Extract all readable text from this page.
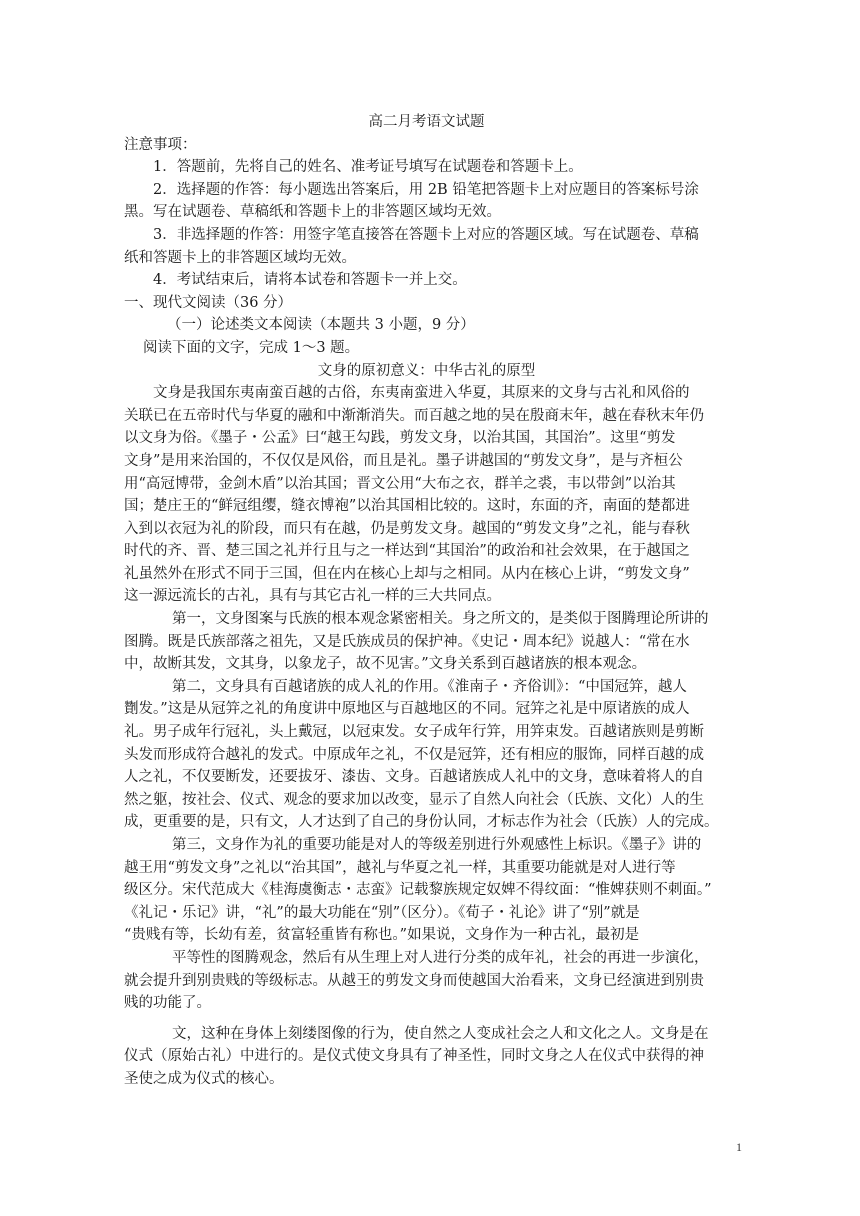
高二月考语文试题
注意事项：
1．答题前，先将自己的姓名、准考证号填写在试题卷和答题卡上。
2．选择题的作答：每小题选出答案后，用 2B 铅笔把答题卡上对应题目的答案标号涂
黑。写在试题卷、草稿纸和答题卡上的非答题区域均无效。
3．非选择题的作答：用签字笔直接答在答题卡上对应的答题区域。写在试题卷、草稿
纸和答题卡上的非答题区域均无效。
4．考试结束后，请将本试卷和答题卡一并上交。
一、现代文阅读（36 分）
（一）论述类文本阅读（本题共 3 小题，9 分）
阅读下面的文字，完成 1～3 题。
文身的原初意义：中华古礼的原型
文身是我国东夷南蛮百越的古俗，东夷南蛮进入华夏，其原来的文身与古礼和风俗的
关联已在五帝时代与华夏的融和中渐渐消失。而百越之地的吴在殷商末年，越在春秋末年仍
以文身为俗。《墨子・公孟》曰“越王勾践，剪发文身，以治其国，其国治”。这里“剪发
文身”是用来治国的，不仅仅是风俗，而且是礼。墨子讲越国的“剪发文身”，是与齐桓公
用“高冠博带，金剑木盾”以治其国；晋文公用“大布之衣，群羊之裘，韦以带剑”以治其
国；楚庄王的“鲜冠组缨，缝衣博袍”以治其国相比较的。这时，东面的齐，南面的楚都进
入到以衣冠为礼的阶段，而只有在越，仍是剪发文身。越国的“剪发文身”之礼，能与春秋
时代的齐、晋、楚三国之礼并行且与之一样达到“其国治”的政治和社会效果，在于越国之
礼虽然外在形式不同于三国，但在内在核心上却与之相同。从内在核心上讲，“剪发文身”
这一源远流长的古礼，具有与其它古礼一样的三大共同点。
第一，文身图案与氏族的根本观念紧密相关。身之所文的，是类似于图腾理论所讲的
图腾。既是氏族部落之祖先，又是氏族成员的保护神。《史记・周本纪》说越人：“常在水
中，故断其发，文其身，以象龙子，故不见害。”文身关系到百越诸族的根本观念。
第二，文身具有百越诸族的成人礼的作用。《淮南子・齐俗训》：“中国冠笄，越人
劗发。”这是从冠笄之礼的角度讲中原地区与百越地区的不同。冠笄之礼是中原诸族的成人
礼。男子成年行冠礼，头上戴冠，以冠束发。女子成年行笄，用笄束发。百越诸族则是剪断
头发而形成符合越礼的发式。中原成年之礼，不仅是冠笄，还有相应的服饰，同样百越的成
人之礼，不仅要断发，还要拔牙、漆齿、文身。百越诸族成人礼中的文身，意味着将人的自
然之躯，按社会、仪式、观念的要求加以改变，显示了自然人向社会（氏族、文化）人的生
成，更重要的是，只有文，人才达到了自己的身份认同，才标志作为社会（氏族）人的完成。
第三，文身作为礼的重要功能是对人的等级差别进行外观感性上标识。《墨子》讲的
越王用“剪发文身”之礼以“治其国”，越礼与华夏之礼一样，其重要功能就是对人进行等
级区分。宋代范成大《桂海虞衡志・志蛮》记载黎族规定奴婢不得纹面：“惟婢获则不刺面。”
《礼记・乐记》讲，“礼”的最大功能在“别”（区分）。《荀子・礼论》讲了“别”就是
“贵贱有等，长幼有差，贫富轻重皆有称也。”如果说，文身作为一种古礼，最初是
平等性的图腾观念，然后有从生理上对人进行分类的成年礼，社会的再进一步演化，
就会提升到别贵贱的等级标志。从越王的剪发文身而使越国大治看来，文身已经演进到别贵
贱的功能了。
文，这种在身体上刻缕图像的行为，使自然之人变成社会之人和文化之人。文身是在
仪式（原始古礼）中进行的。是仪式使文身具有了神圣性，同时文身之人在仪式中获得的神
圣使之成为仪式的核心。
1
